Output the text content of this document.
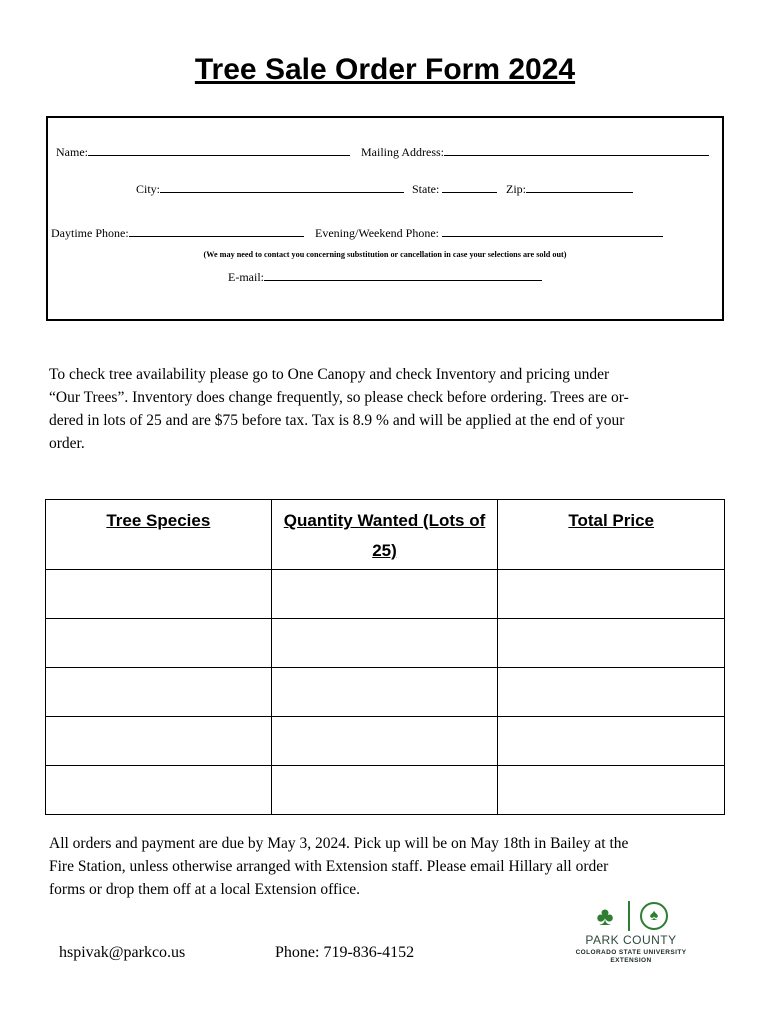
Tree Sale Order Form 2024
Name:	Mailing Address:
City:	State:	Zip:
Daytime Phone:	Evening/Weekend Phone:
(We may need to contact you concerning substitution or cancellation in case your selections are sold out)
E-mail:
To check tree availability please go to One Canopy and check Inventory and pricing under
“Our Trees”. Inventory does change frequently, so please check before ordering. Trees are or-
dered in lots of 25 and are $75 before tax. Tax is 8.9 % and will be applied at the end of your
order.
Tree Species	Quantity Wanted (Lots of 25)	Total Price

All orders and payment are due by May 3, 2024. Pick up will be on May 18th in Bailey at the
Fire Station, unless otherwise arranged with Extension staff. Please email Hillary all order
forms or drop them off at a local Extension office.
hspivak@parkco.us	Phone: 719-836-4152
♣	♠
PARK COUNTY
COLORADO STATE UNIVERSITY
EXTENSION
